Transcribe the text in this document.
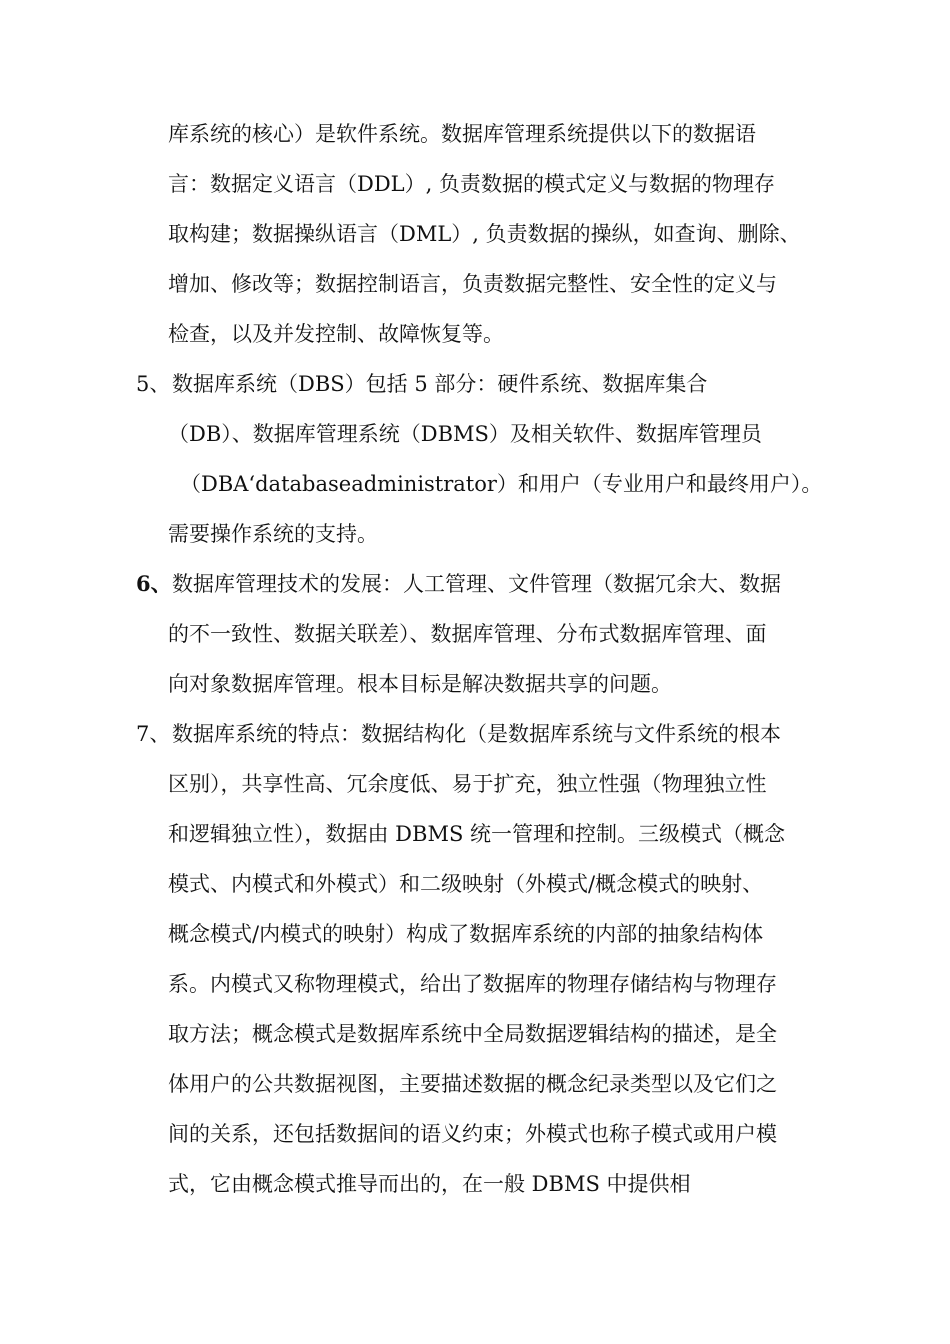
库系统的核心）是软件系统。数据库管理系统提供以下的数据语
言：数据定义语言（DDL）, 负责数据的模式定义与数据的物理存
取构建；数据操纵语言（DML）, 负责数据的操纵，如查询、删除、
增加、修改等；数据控制语言，负责数据完整性、安全性的定义与
检查，以及并发控制、故障恢复等。
5、 数据库系统（DBS）包括 5 部分：硬件系统、数据库集合
（DB）、数据库管理系统（DBMS）及相关软件、数据库管理员
（DBA‘databaseadministrator）和用户（专业用户和最终用户）。
需要操作系统的支持。
6、 数据库管理技术的发展：人工管理、文件管理（数据冗余大、数据
的不一致性、数据关联差）、数据库管理、分布式数据库管理、面
向对象数据库管理。根本目标是解决数据共享的问题。
7、 数据库系统的特点：数据结构化（是数据库系统与文件系统的根本
区别），共享性高、冗余度低、易于扩充，独立性强（物理独立性
和逻辑独立性），数据由 DBMS 统一管理和控制。三级模式（概念
模式、内模式和外模式）和二级映射（外模式/概念模式的映射、
概念模式/内模式的映射）构成了数据库系统的内部的抽象结构体
系。内模式又称物理模式，给出了数据库的物理存储结构与物理存
取方法；概念模式是数据库系统中全局数据逻辑结构的描述，是全
体用户的公共数据视图，主要描述数据的概念纪录类型以及它们之
间的关系，还包括数据间的语义约束；外模式也称子模式或用户模
式，它由概念模式推导而出的，在一般 DBMS 中提供相
